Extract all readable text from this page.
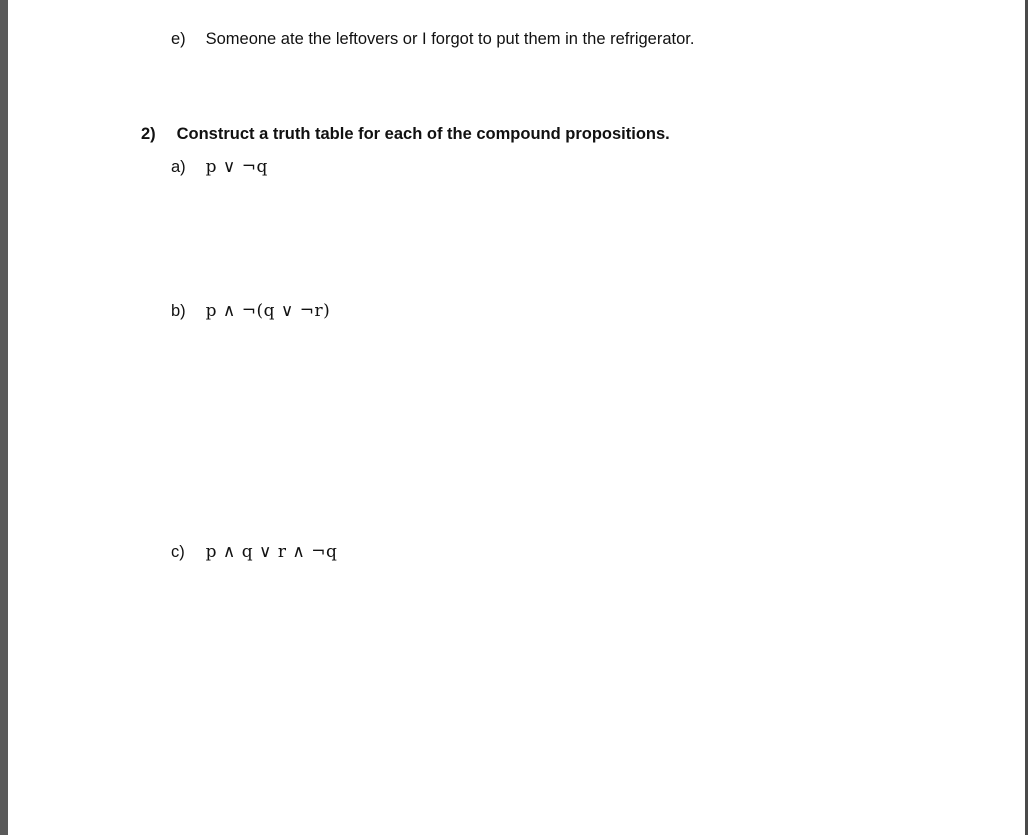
e) Someone ate the leftovers or I forgot to put them in the refrigerator.
2) Construct a truth table for each of the compound propositions.
a) p ∨ ¬q
b) p ∧ ¬(q ∨ ¬r)
c) p ∧ q ∨ r ∧ ¬q
